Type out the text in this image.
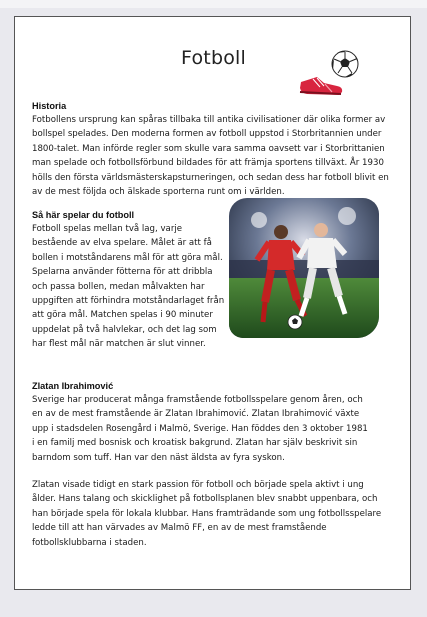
Fotboll
Historia
Fotbollens ursprung kan spåras tillbaka till antika civilisationer där olika former av
bollspel spelades. Den moderna formen av fotboll uppstod i Storbritannien under
1800-talet. Man införde regler som skulle vara samma oavsett var i Storbrittanien
man spelade och fotbollsförbund bildades för att främja sportens tillväxt. År 1930
hölls den första världsmästerskapsturneringen, och sedan dess har fotboll blivit en
av de mest följda och älskade sporterna runt om i världen.
Så här spelar du fotboll
Fotboll spelas mellan två lag, varje
bestående av elva spelare. Målet är att få
bollen i motståndarens mål för att göra mål.
Spelarna använder fötterna för att dribbla
och passa bollen, medan målvakten har
uppgiften att förhindra motståndarlaget från
att göra mål. Matchen spelas i 90 minuter
uppdelat på två halvlekar, och det lag som
har flest mål när matchen är slut vinner.
Zlatan Ibrahimović
Sverige har producerat många framstående fotbollsspelare genom åren, och
en av de mest framstående är Zlatan Ibrahimović. Zlatan Ibrahimović växte
upp i stadsdelen Rosengård i Malmö, Sverige. Han föddes den 3 oktober 1981
i en familj med bosnisk och kroatisk bakgrund. Zlatan har själv beskrivit sin
barndom som tuff. Han var den näst äldsta av fyra syskon.
Zlatan visade tidigt en stark passion för fotboll och började spela aktivt i ung
ålder. Hans talang och skicklighet på fotbollsplanen blev snabbt uppenbara, och
han började spela för lokala klubbar. Hans framträdande som ung fotbollsspelare
ledde till att han värvades av Malmö FF, en av de mest framstående
fotbollsklubbarna i staden.
